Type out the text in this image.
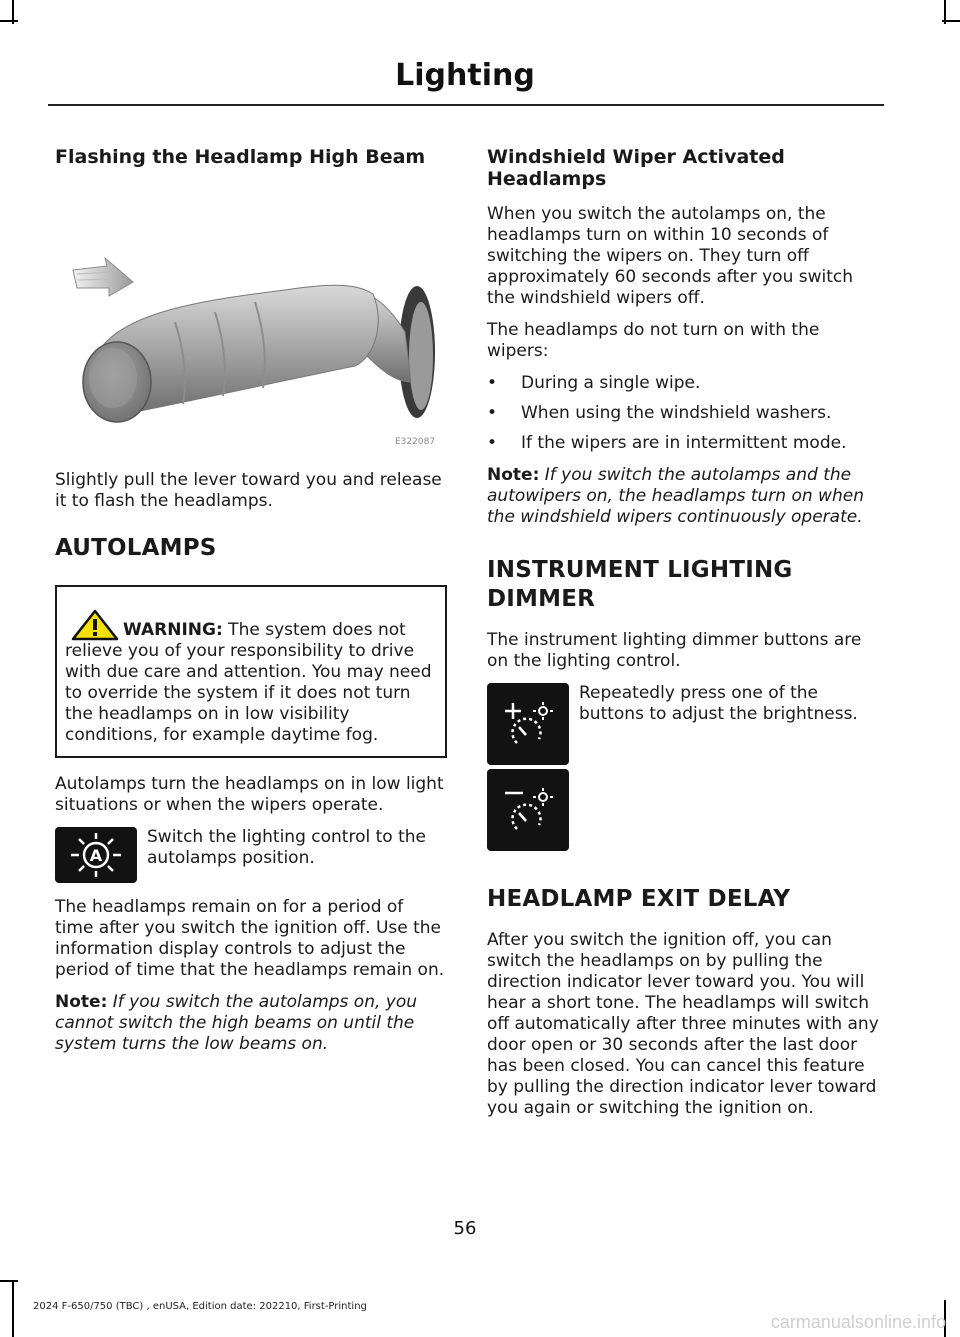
Lighting
Flashing the Headlamp High Beam
E322087

Slightly pull the lever toward you and release it to flash the headlamps.

AUTOLAMPS

WARNING: The system does not relieve you of your responsibility to drive with due care and attention. You may need to override the system if it does not turn the headlamps on in low visibility conditions, for example daytime fog.

Autolamps turn the headlamps on in low light situations or when the wipers operate.

A
Switch the lighting control to the autolamps position.

The headlamps remain on for a period of time after you switch the ignition off. Use the information display controls to adjust the period of time that the headlamps remain on.

Note: If you switch the autolamps on, you cannot switch the high beams on until the system turns the low beams on.

Windshield Wiper Activated Headlamps

When you switch the autolamps on, the headlamps turn on within 10 seconds of switching the wipers on. They turn off approximately 60 seconds after you switch the windshield wipers off.

The headlamps do not turn on with the wipers:

•	During a single wipe.
•	When using the windshield washers.
•	If the wipers are in intermittent mode.

Note: If you switch the autolamps and the autowipers on, the headlamps turn on when the windshield wipers continuously operate.

INSTRUMENT LIGHTING
DIMMER

The instrument lighting dimmer buttons are on the lighting control.

Repeatedly press one of the buttons to adjust the brightness.
HEADLAMP EXIT DELAY

After you switch the ignition off, you can switch the headlamps on by pulling the direction indicator lever toward you. You will hear a short tone. The headlamps will switch off automatically after three minutes with any door open or 30 seconds after the last door has been closed. You can cancel this feature by pulling the direction indicator lever toward you again or switching the ignition on.

56
2024 F-650/750 (TBC) , enUSA, Edition date: 202210, First-Printing
carmanualsonline.info
